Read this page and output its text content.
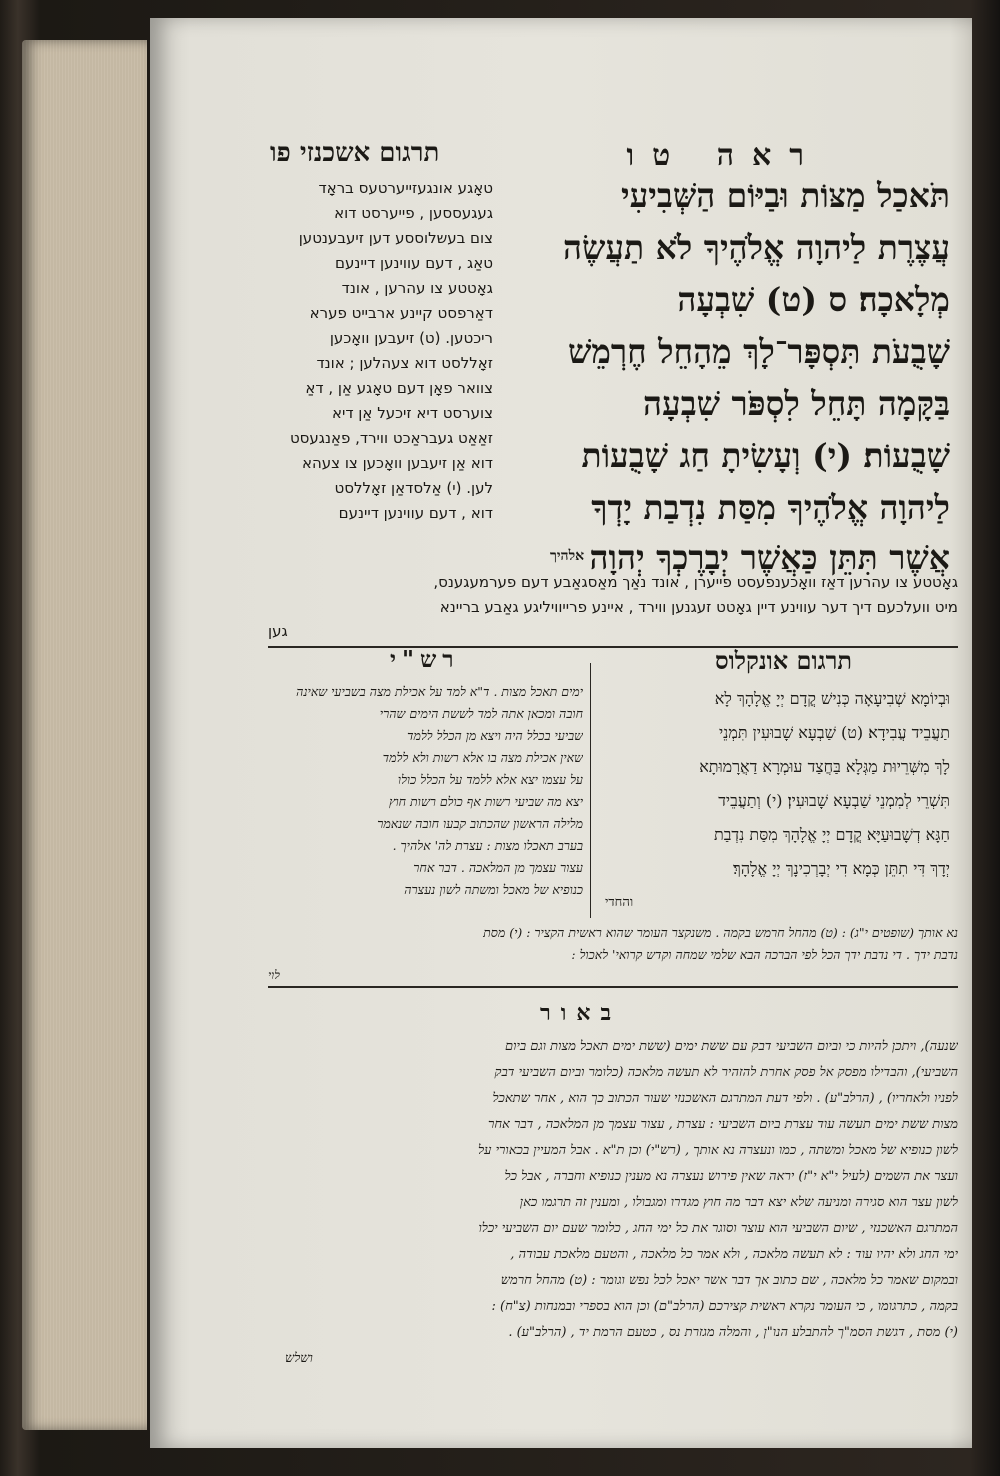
תרגום אשכנזי פו	ראה טו
תֹּאכַל מַצּוֹת וּבַיּוֹם הַשְּׁבִיעִי
עֲצֶרֶת לַיהוָה אֱלֹהֶיךָ לֹא תַעֲשֶׂה
מְלָאכָה׃ ס (ט) שִׁבְעָה
שָׁבֻעֹת תִּסְפָּר־לָךְ מֵהָחֵל חֶרְמֵשׁ
בַּקָּמָה תָּחֵל לִסְפֹּר שִׁבְעָה
שָׁבֻעוֹת׃ (י) וְעָשִׂיתָ חַג שָׁבֻעוֹת
לַיהוָה אֱלֹהֶיךָ מִסַּת נִדְבַת יָדְךָ
אֲשֶׁר תִּתֵּן כַּאֲשֶׁר יְבָרֶכְךָ יְהוָה
אלהיך
טאָגע אונגעזייערטעס בראָד
געגעססען , פייערסט דוא
צום בעשלוססע דען זיעבענטען
טאַג , דעם עווינען דיינעם
גאָטטע צו עהרען , אונד
דאַרפסט קיינע ארבייט פערא
ריכטען. (ט) זיעבען וואָכען
זאָללסט דוא צעהלען ; אונד
צוואר פאָן דעם טאָגע אַן , דאַ
צוערסט דיא זיכעל אַן דיא
זאַאַט געבראַכט ווירד, פאַנגעסט
דוא אַן זיעבען וואָכען צו צעהא
לען. (י) אַלסדאַן זאָללסט
דוא , דעם עווינען דיינעם
גאָטטע צו עהרען דאַז וואָכענפעסט פייערן , אונד נאַך מאַסגאַבע דעם פערמעגענס,
מיט וועלכעם דיך דער עווינע דיין גאָטט זעגנען ווירד , איינע פרייוויליגע גאַבע בריינא
גען
תרגום אונקלוס
וּבְיוֹמָא שְׁבִיעָאָה כְּנִישׁ קֳדָם יְיָ אֱלָהָךְ לָא
תַעֲבֵיד עֲבִידָא׃ (ט) שַׁבְעָא שָׁבוּעִין תִּמְנֵי
לָךְ מִשְּׁרֵיוּת מַגְּלָא בַּחֲצַד עוּמְרָא דַאֲרָמוּתָא
תִּשְׁרֵי לְמִמְנֵי שַׁבְעָא שָׁבוּעִין׃ (י) וְתַעֲבֵיד
חַגָּא דְשָׁבוּעַיָּא קֳדָם יְיָ אֱלָהָךְ מִסַּת נִדְבַת
יְדָךְ דִּי תִתֵּן כְּמָא דִי יְבָרְכִינָךְ יְיָ אֱלָהָךְ׃
והחדי
רש"י
ימים תאכל מצות . ד"א למד על אכילת מצה בשביעי שאינה
חובה ומכאן אתה למד לששת הימים שהרי
שביעי בכלל היה ויצא מן הכלל ללמד
שאין אכילת מצה בו אלא רשות ולא ללמד
על עצמו יצא אלא ללמד על הכלל כולו
יצא מה שביעי רשות אף כולם רשות חוץ
מלילה הראשון שהכתוב קבעו חובה שנאמר
בערב תאכלו מצות : עצרת לה' אלהיך .
עצור עצמך מן המלאכה . דבר אחר
כנופיא של מאכל ומשתה לשון נעצרה
נא אותך (שופטים י"ג) : (ט) מהחל חרמש בקמה . משנקצר העומר שהוא ראשית הקציר : (י) מסת
נדבת ידך . די נדבת ידך הכל לפי הברכה הבא שלמי שמחה וקדש קרואי' לאכול :
לוי
באור
שנעה), ויתכן להיות כי וביום השביעי דבק עם ששת ימים (ששת ימים תאכל מצות וגם ביום
השביעי), והבדילו מפסק אל פסק אחרת להזהיר לא תעשה מלאכה (כלומר וביום השביעי דבק
לפניו ולאחריו) , (הרלב"ע) . ולפי דעת המתרגם האשכנזי שעור הכתוב כך הוא , אחר שתאכל
מצות ששת ימים תעשה עוד עצרת ביום השביעי : עצרת , עצור עצמך מן המלאכה , דבר אחר
לשון כנופיא של מאכל ומשתה , כמו ונעצרה נא אותך , (רש"י) וכן ת"א . אבל המעיין בכאורי על
ועצר את השמים (לעיל י"א י"ז) יראה שאין פירוש נעצרה נא מענין כנופיא וחברה , אבל כל
לשון עצר הוא סגירה ומניעה שלא יצא דבר מה חוץ מגדרו ומגבולו , ומענין זה תרגמו כאן
המתרגם האשכנזי , שיום השביעי הוא עוצר וסוגר את כל ימי החג , כלומר שעם יום השביעי יכלו
ימי החג ולא יהיו עוד : לא תעשה מלאכה , ולא אמר כל מלאכה , והטעם מלאכת עבודה ,
ובמקום שאמר כל מלאכה , שם כתוב אך דבר אשר יאכל לכל נפש וגומר : (ט) מהחל חרמש
בקמה , כתרגומו , כי העומר נקרא ראשית קצירכם (הרלב"ם) וכן הוא בספרי ובמנחות (צ"ח) :
(י) מסת , דגשת הסמ"ך להתבלע הנו"ן , והמלה מגזרת נס , כטעם הרמת יד , (הרלב"ע) .
ושלש
